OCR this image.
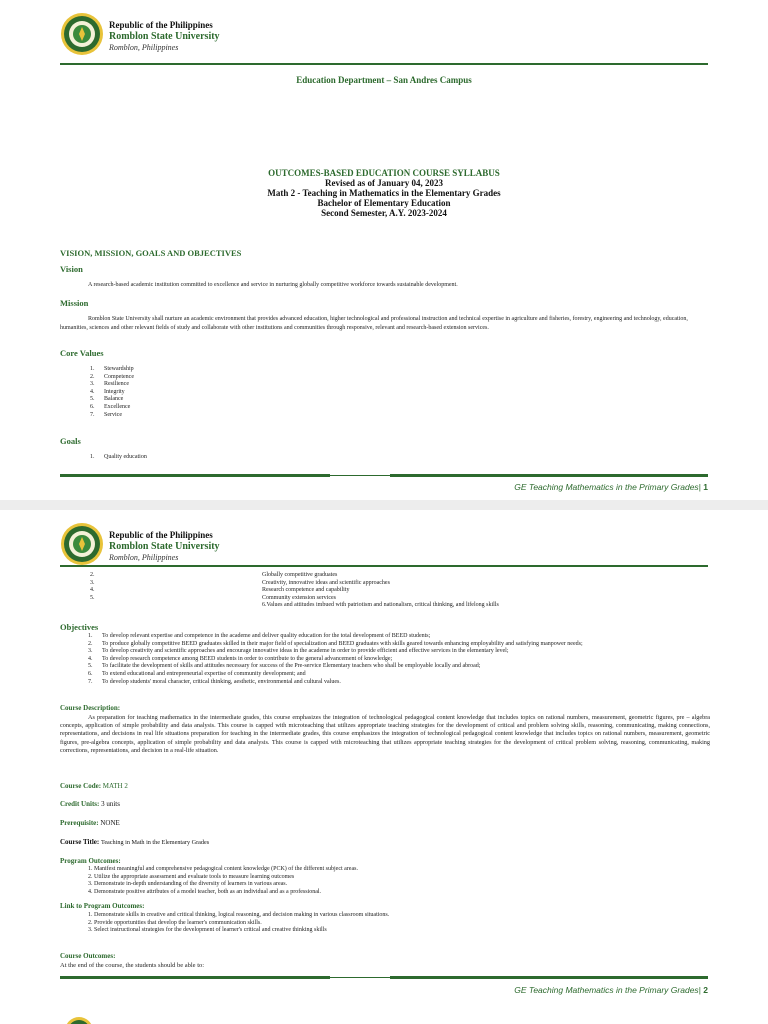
Republic of the Philippines
Romblon State University
Romblon, Philippines
Education Department – San Andres Campus
OUTCOMES-BASED EDUCATION COURSE SYLLABUS
Revised as of January 04, 2023
Math 2 - Teaching in Mathematics in the Elementary Grades
Bachelor of Elementary Education
Second Semester, A.Y. 2023-2024
VISION, MISSION, GOALS AND OBJECTIVES
Vision
A research-based academic institution committed to excellence and service in nurturing globally competitive workforce towards sustainable development.
Mission
Romblon State University shall nurture an academic environment that provides advanced education, higher technological and professional instruction and technical expertise in agriculture and fisheries, forestry, engineering and technology, education, humanities, sciences and other relevant fields of study and collaborate with other institutions and communities through responsive, relevant and research-based extension services.
Core Values
1. Stewardship
2. Competence
3. Resilience
4. Integrity
5. Balance
6. Excellence
7. Service
Goals
1. Quality education
GE Teaching Mathematics in the Primary Grades| 1
Republic of the Philippines
Romblon State University
Romblon, Philippines
2.	Globally competitive graduates
3.	Creativity, innovative ideas and scientific approaches
4.	Research competence and capability
5.	Community extension services
6.Values and attitudes imbued with patriotism and nationalism, critical thinking, and lifelong skills
Objectives
1. To develop relevant expertise and competence in the academe and deliver quality education for the total development of BEED students;
2. To produce globally competitive BEED graduates skilled in their major field of specialization and BEED graduates with skills geared towards enhancing employability and satisfying manpower needs;
3. To develop creativity and scientific approaches and encourage innovative ideas in the academe in order to provide efficient and effective services in the elementary level;
4. To develop research competence among BEED students in order to contribute to the general advancement of knowledge;
5. To facilitate the development of skills and attitudes necessary for success of the Pre-service Elementary teachers who shall be employable locally and abroad;
6. To extend educational and entrepreneurial expertise of community development; and
7. To develop students' moral character, critical thinking, aesthetic, environmental and cultural values.
Course Description:
As preparation for teaching mathematics in the intermediate grades, this course emphasizes the integration of technological pedagogical content knowledge that includes topics on rational numbers, measurement, geometric figures, pre – algebra concepts, application of simple probability and data analysis. This course is capped with microteaching that utilizes appropriate teaching strategies for the development of critical and problem solving skills, reasoning, communicating, making connections, representations, and decisions in real life situations preparation for teaching in the intermediate grades, this course emphasizes the integration of technological pedagogical content knowledge that includes topics on rational numbers, measurement, geometric figures, pre-algebra concepts, application of simple probability and data analysis. This course is capped with microteaching that utilizes appropriate teaching strategies for the development of critical problem solving, reasoning, communicating, making corrections, representations, and decision in a real-life situation.
Course Code: MATH 2
Credit Units: 3 units
Prerequisite: NONE
Course Title: Teaching in Math in the Elementary Grades
Program Outcomes:
1. Manifest meaningful and comprehensive pedagogical content knowledge (PCK) of the different subject areas.
2. Utilize the appropriate assessment and evaluate tools to measure learning outcomes
3. Demonstrate in-depth understanding of the diversity of learners in various areas.
4. Demonstrate positive attributes of a model teacher, both as an individual and as a professional.
Link to Program Outcomes:
1. Demonstrate skills in creative and critical thinking, logical reasoning, and decision making in various classroom situations.
2. Provide opportunities that develop the learner's communication skills.
3. Select instructional strategies for the development of learner's critical and creative thinking skills
Course Outcomes:
At the end of the course, the students should be able to:
GE Teaching Mathematics in the Primary Grades| 2
